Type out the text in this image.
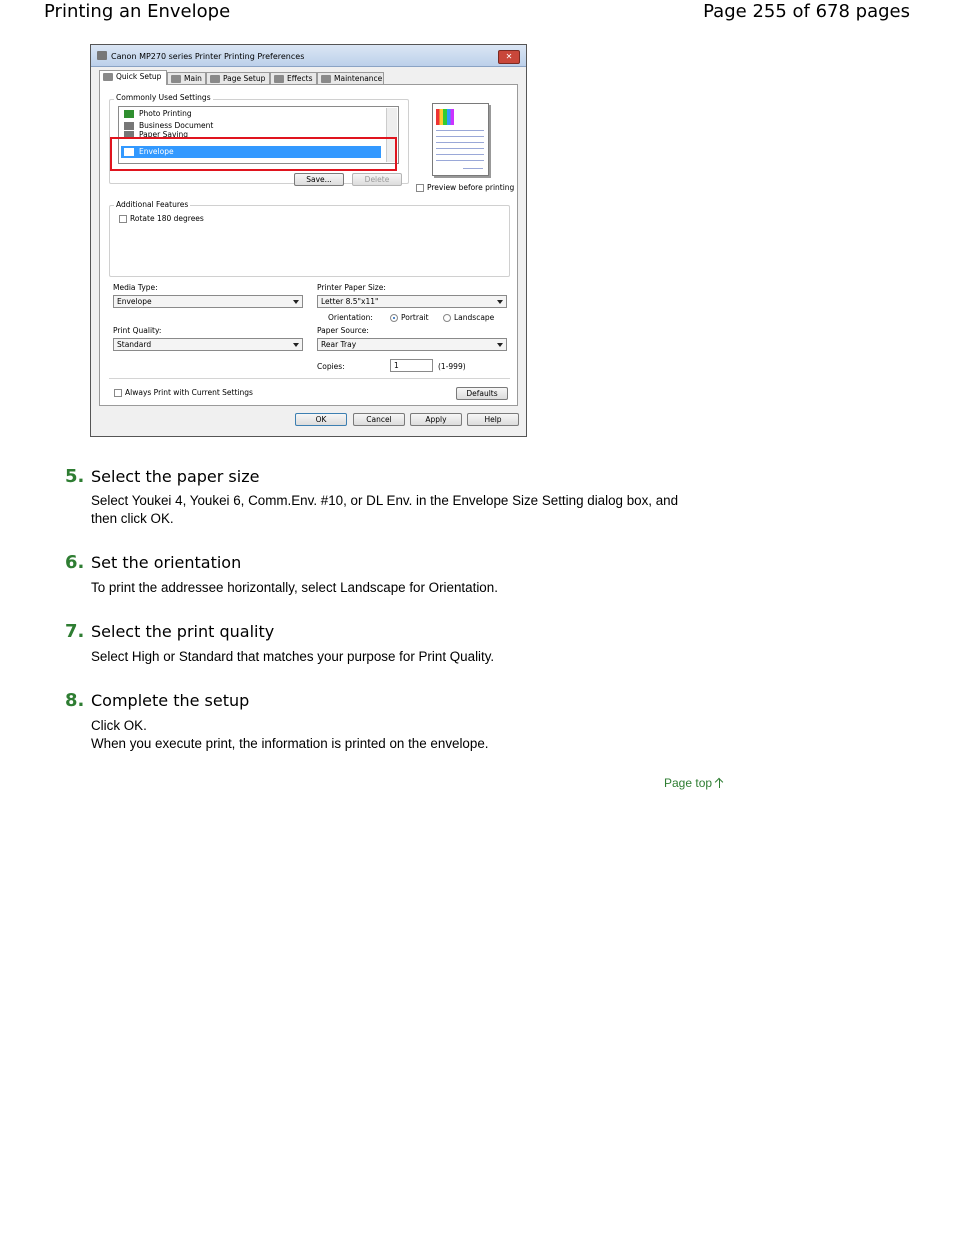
Printing an Envelope	Page 255 of 678 pages
Canon MP270 series Printer Printing Preferences	✕
Quick Setup	Main	Page Setup	Effects	Maintenance
Commonly Used Settings
Photo Printing
Business Document
Paper Saving
Envelope
Save...	Delete
Preview before printing
Additional Features
Rotate 180 degrees
Media Type:
Envelope
Printer Paper Size:
Letter 8.5"x11"
Orientation:	Portrait	Landscape
Print Quality:
Standard
Paper Source:
Rear Tray
Copies:	1	(1-999)
Always Print with Current Settings	Defaults
OK	Cancel	Apply	Help
5. Select the paper size
Select Youkei 4, Youkei 6, Comm.Env. #10, or DL Env. in the Envelope Size Setting dialog box, and
then click OK.
6. Set the orientation
To print the addressee horizontally, select Landscape for Orientation.
7. Select the print quality
Select High or Standard that matches your purpose for Print Quality.
8. Complete the setup
Click OK.
When you execute print, the information is printed on the envelope.
Page top
